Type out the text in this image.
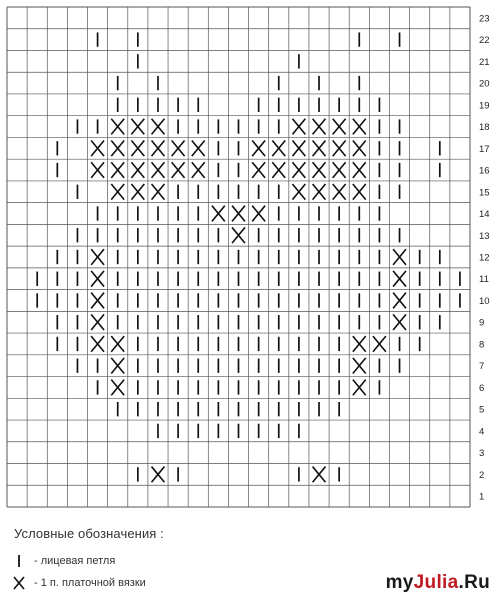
23
22
21
20
19
18
17
16
15
14
13
12
11
10
9
8
7
6
5
4
3
2
1
Условные обозначения :
- лицевая петля
- 1 п. платочной вязки	myJulia.Ru
